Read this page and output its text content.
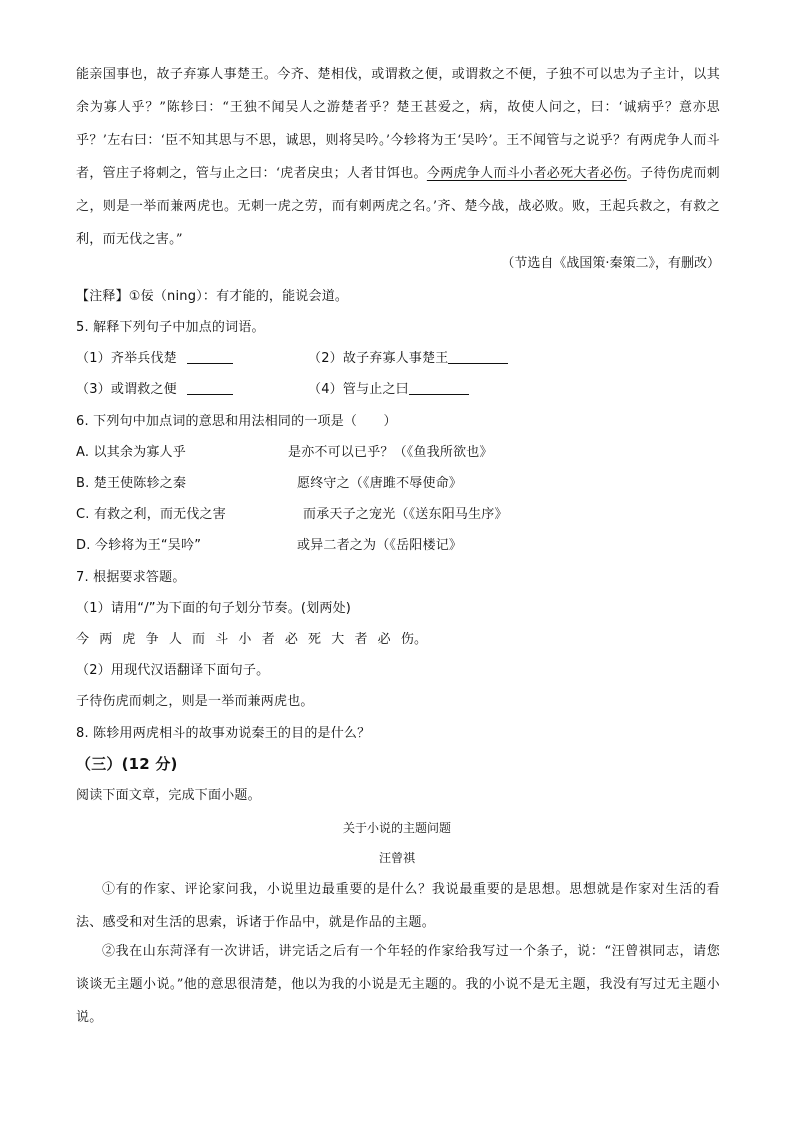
能亲国事也，故子弃寡人事楚王。今齐、楚相伐，或谓救之便，或谓救之不便，子独不可以忠为子主计，以其余为寡人乎？”陈轸曰：“王独不闻吴人之游楚者乎？楚王甚爱之，病，故使人问之，曰：‘诚病乎？意亦思乎？’左右曰：‘臣不知其思与不思，诚思，则将吴吟。’今轸将为王‘吴吟’。王不闻管与之说乎？有两虎争人而斗者，管庄子将刺之，管与止之曰：‘虎者戾虫；人者甘饵也。今两虎争人而斗小者必死大者必伤。子待伤虎而刺之，则是一举而兼两虎也。无刺一虎之劳，而有刺两虎之名。’齐、楚今战，战必败。败，王起兵救之，有救之利，而无伐之害。”

（节选自《战国策·秦策二》，有删改）
【注释】①佞（ning）：有才能的，能说会道。
5. 解释下列句子中加点的词语。
（1）齐举兵伐楚	（2）故子弃寡人事楚王
（3）或谓救之便	（4）管与止之曰
6. 下列句中加点词的意思和用法相同的一项是（　　）
A. 以其余为寡人乎	是亦不可以已乎？（《鱼我所欲也》
B. 楚王使陈轸之秦	愿终守之（《唐雎不辱使命》
C. 有救之利，而无伐之害	而承天子之宠光（《送东阳马生序》
D. 今轸将为王“吴吟”	或异二者之为（《岳阳楼记》
7. 根据要求答题。
（1）请用“/”为下面的句子划分节奏。(划两处)
今 两 虎 争 人 而 斗 小 者 必 死 大 者 必 伤。
（2）用现代汉语翻译下面句子。
子待伤虎而刺之，则是一举而兼两虎也。
8. 陈轸用两虎相斗的故事劝说秦王的目的是什么？
（三）(12 分)
阅读下面文章，完成下面小题。
关于小说的主题问题
汪曾祺

①有的作家、评论家问我，小说里边最重要的是什么？我说最重要的是思想。思想就是作家对生活的看法、感受和对生活的思索，诉诸于作品中，就是作品的主题。

②我在山东菏泽有一次讲话，讲完话之后有一个年轻的作家给我写过一个条子，说：“汪曾祺同志，请您谈谈无主题小说。”他的意思很清楚，他以为我的小说是无主题的。我的小说不是无主题，我没有写过无主题小说。
